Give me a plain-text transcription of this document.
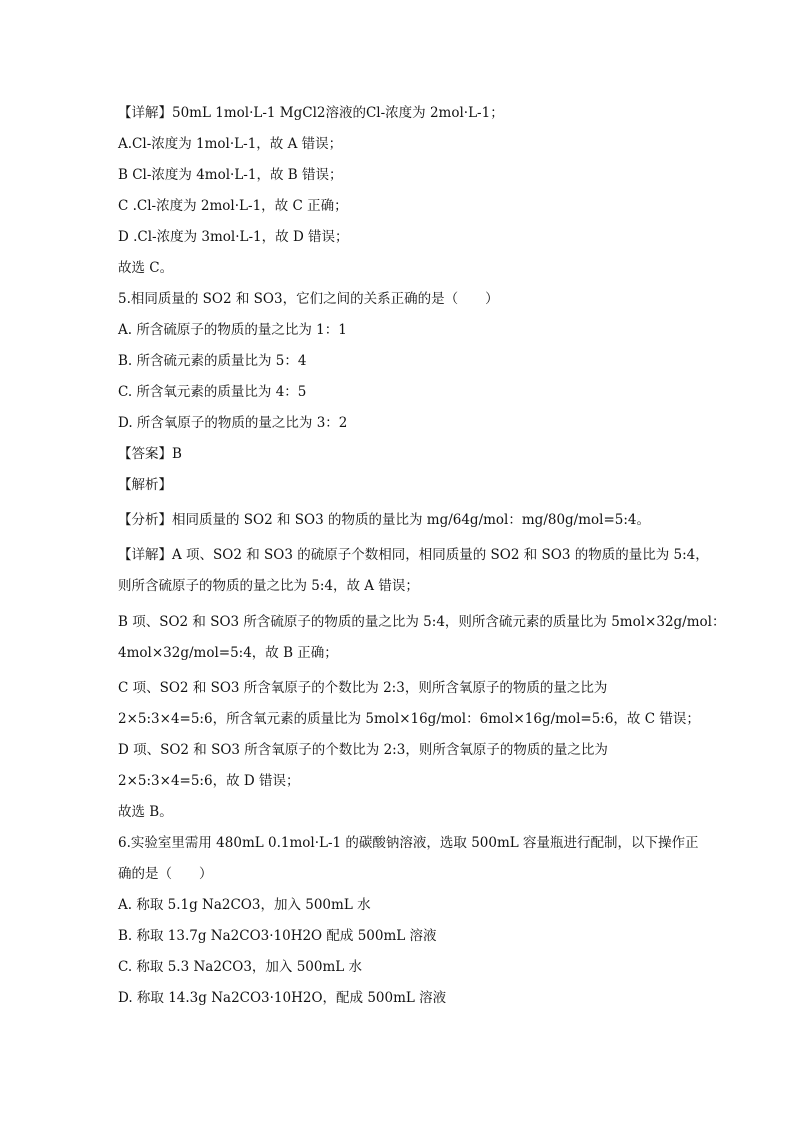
【详解】50mL 1mol·L-1 MgCl2溶液的Cl-浓度为 2mol·L-1；
A.Cl-浓度为 1mol·L-1，故 A 错误；
B Cl-浓度为 4mol·L-1，故 B 错误；
C .Cl-浓度为 2mol·L-1，故 C 正确；
D .Cl-浓度为 3mol·L-1，故 D 错误；
故选 C。
5.相同质量的 SO2 和 SO3，它们之间的关系正确的是（　　）
A. 所含硫原子的物质的量之比为 1：1
B. 所含硫元素的质量比为 5：4
C. 所含氧元素的质量比为 4：5
D. 所含氧原子的物质的量之比为 3：2
【答案】B
【解析】
【分析】相同质量的 SO2 和 SO3 的物质的量比为 mg/64g/mol：mg/80g/mol=5:4。
【详解】A 项、SO2 和 SO3 的硫原子个数相同，相同质量的 SO2 和 SO3 的物质的量比为 5:4，
则所含硫原子的物质的量之比为 5:4，故 A 错误；
B 项、SO2 和 SO3 所含硫原子的物质的量之比为 5:4，则所含硫元素的质量比为 5mol×32g/mol：
4mol×32g/mol=5:4，故 B 正确；
C 项、SO2 和 SO3 所含氧原子的个数比为 2:3，则所含氧原子的物质的量之比为
2×5:3×4=5:6，所含氧元素的质量比为 5mol×16g/mol：6mol×16g/mol=5:6，故 C 错误；
D 项、SO2 和 SO3 所含氧原子的个数比为 2:3，则所含氧原子的物质的量之比为
2×5:3×4=5:6，故 D 错误；
故选 B。
6.实验室里需用 480mL 0.1mol·L-1 的碳酸钠溶液，选取 500mL 容量瓶进行配制，以下操作正
确的是（　　）
A. 称取 5.1g Na2CO3，加入 500mL 水
B. 称取 13.7g Na2CO3·10H2O 配成 500mL 溶液
C. 称取 5.3 Na2CO3，加入 500mL 水
D. 称取 14.3g Na2CO3·10H2O，配成 500mL 溶液
